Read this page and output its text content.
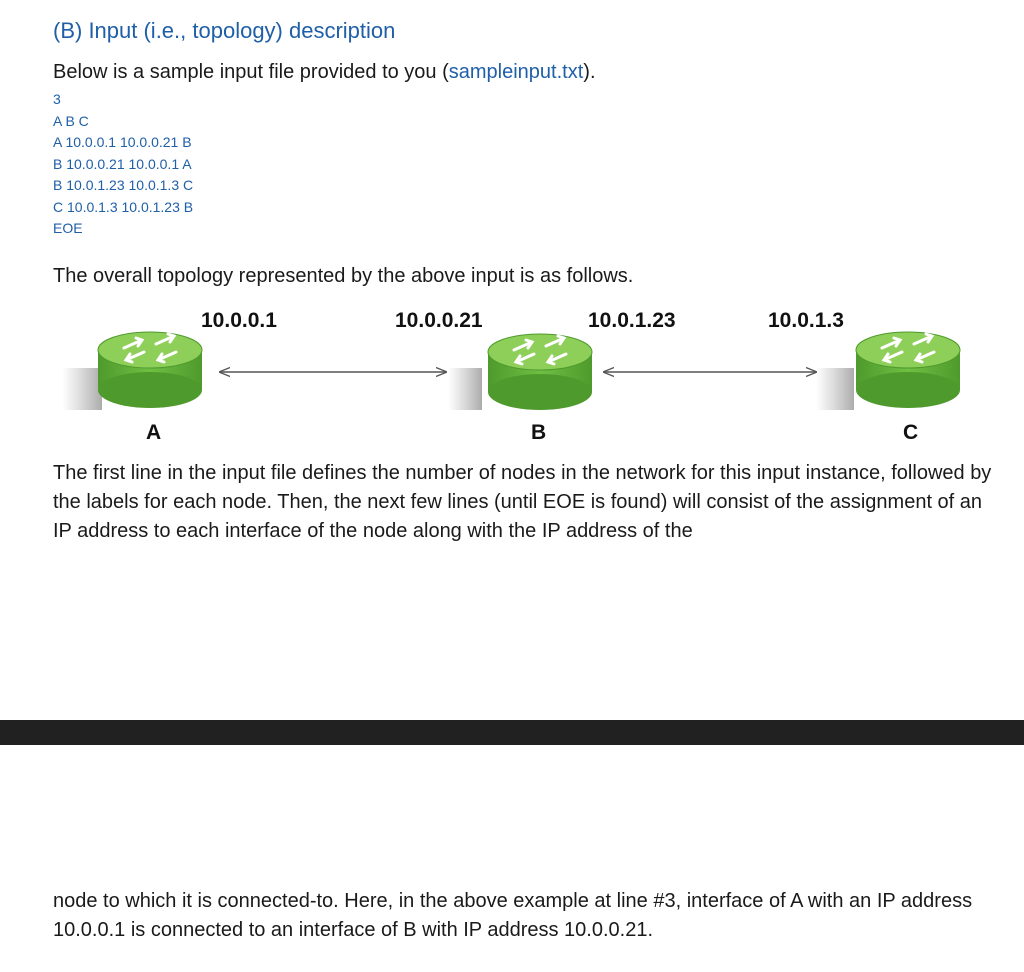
(B) Input (i.e., topology) description
Below is a sample input file provided to you (sampleinput.txt).
3
A B C
A 10.0.0.1 10.0.0.21 B
B 10.0.0.21 10.0.0.1 A
B 10.0.1.23 10.0.1.3 C
C 10.0.1.3 10.0.1.23 B
EOE
The overall topology represented by the above input is as follows.
10.0.0.1	10.0.0.21	10.0.1.23	10.0.1.3
A	B	C
The first line in the input file defines the number of nodes in the network for this input instance, followed by the labels for each node. Then, the next few lines (until EOE is found) will consist of the assignment of an IP address to each interface of the node along with the IP address of the
node to which it is connected-to. Here, in the above example at line #3, interface of A with an IP address 10.0.0.1 is connected to an interface of B with IP address 10.0.0.21.
